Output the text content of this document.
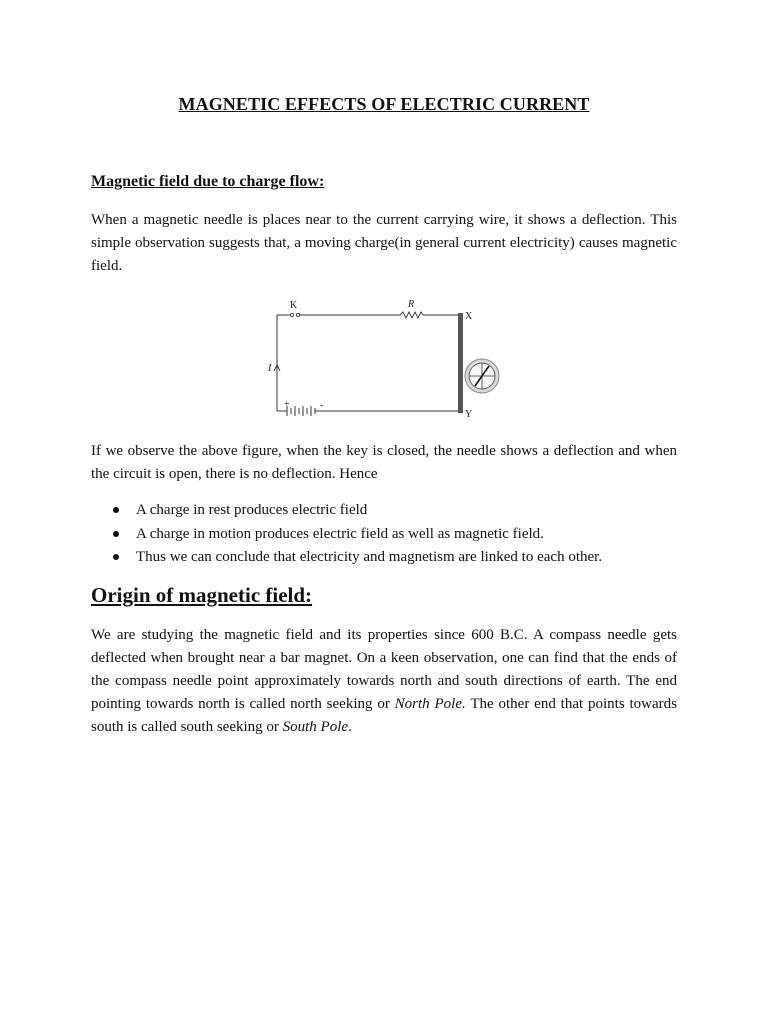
MAGNETIC EFFECTS OF ELECTRIC CURRENT
Magnetic field due to charge flow:
When a magnetic needle is places near to the current carrying wire, it shows a deflection. This simple observation suggests that, a moving charge(in general current electricity) causes magnetic field.
K	R
X
Y
I
+	-
If we observe the above figure, when the key is closed, the needle shows a deflection and when the circuit is open, there is no deflection. Hence
A charge in rest produces electric field
A charge in motion produces electric field as well as magnetic field.
Thus we can conclude that electricity and magnetism are linked to each other.
Origin of magnetic field:
We are studying the magnetic field and its properties since 600 B.C. A compass needle gets deflected when brought near a bar magnet. On a keen observation, one can find that the ends of the compass needle point approximately towards north and south directions of earth. The end pointing towards north is called north seeking or North Pole. The other end that points towards south is called south seeking or South Pole.
